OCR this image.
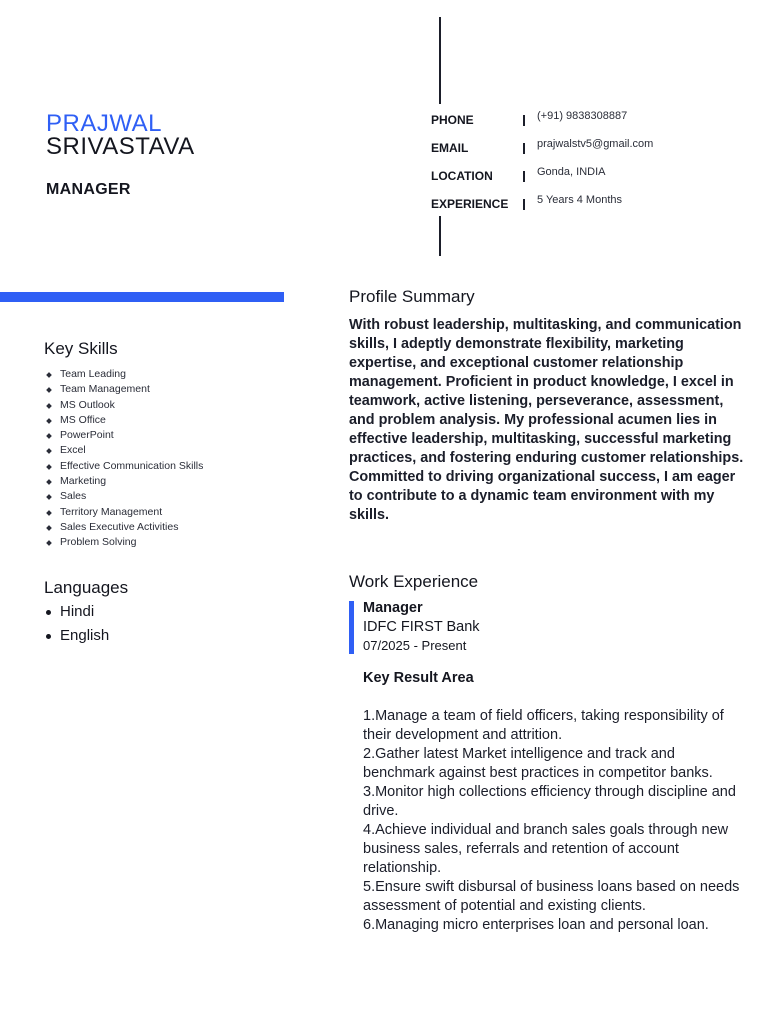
PRAJWAL
SRIVASTAVA
MANAGER
PHONE	(+91) 9838308887
EMAIL	prajwalstv5@gmail.com
LOCATION	Gonda, INDIA
EXPERIENCE	5 Years 4 Months
Key Skills
Team Leading
Team Management
MS Outlook
MS Office
PowerPoint
Excel
Effective Communication Skills
Marketing
Sales
Territory Management
Sales Executive Activities
Problem Solving
Languages
Hindi
English
Profile Summary
With robust leadership, multitasking, and communication skills, I adeptly demonstrate flexibility, marketing expertise, and exceptional customer relationship management. Proficient in product knowledge, I excel in teamwork, active listening, perseverance, assessment, and problem analysis. My professional acumen lies in effective leadership, multitasking, successful marketing practices, and fostering enduring customer relationships. Committed to driving organizational success, I am eager to contribute to a dynamic team environment with my skills.
Work Experience
Manager
IDFC FIRST Bank
07/2025 - Present
Key Result Area
1.Manage a team of field officers, taking responsibility of their development and attrition.
2.Gather latest Market intelligence and track and benchmark against best practices in competitor banks.
3.Monitor high collections efficiency through discipline and drive.
4.Achieve individual and branch sales goals through new business sales, referrals and retention of account relationship.
5.Ensure swift disbursal of business loans based on needs assessment of potential and existing clients.
6.Managing micro enterprises loan and personal loan.
